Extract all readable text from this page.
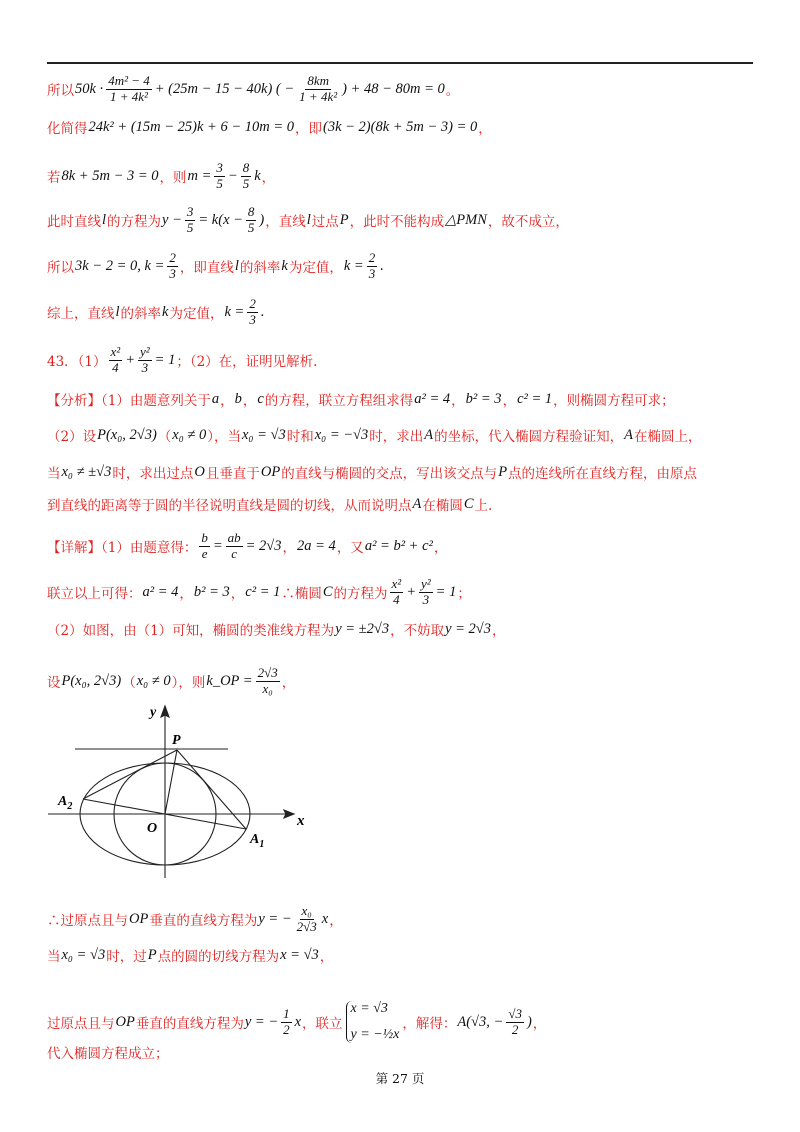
所以 $50k \cdot \frac{\text{4m² − 4}}{\text{1 + 4k²}} + (25m - 15 - 40k)$ ( − $\frac{8km}{\text{1 + 4k²}}$ ) + 48 − 80m = 0 。
化简得 24k² + (15m − 25)k + 6 − 10m = 0 ，即 (3k − 2)(8k + 5m − 3) = 0 ，
若 8k + 5m − 3 = 0 ，则 $m = \frac{3}{5} - \frac{8}{5}$ k ，
此时直线 l 的方程为 $y - \frac{3}{5} = k(x - \frac{8}{5}$ ) ，直线 l 过点 P ，此时不能构成 △PMN ，故不成立，
所以 3k − 2 = 0, $k = \frac{2}{3}$ ，即直线 l 的斜率 k 为定值， $k = \frac{2}{3}$ .
综上，直线 l 的斜率 k 为定值， $k = \frac{2}{3}$ .
43．$(1) \frac{\text{x²}}{4} + \frac{\text{y²}}{3} = 1$ ；（2）在，证明见解析.
【分析】（1）由题意列关于 a ， b ， c 的方程，联立方程组求得 a² = 4 ， b² = 3 ， c² = 1 ，则椭圆方程可求；
（2）设 P(x₀, 2√3) （ x₀ ≠ 0 ），当 x₀ = √3 时和 x₀ = −√3 时，求出 A 的坐标，代入椭圆方程验证知， A 在椭圆上，
当 x₀ ≠ ±√3 时，求出过点 O 且垂直于 OP 的直线与椭圆的交点，写出该交点与 P 点的连线所在直线方程，由原点
到直线的距离等于圆的半径说明直线是圆的切线，从而说明点 A 在椭圆 C 上.
【详解】（1）由题意得： $\frac{b}{e} = \frac{ab}{c} = 2√3$ ， 2a = 4 ，又 a² = b² + c² ，
联立以上可得： a² = 4 ， b² = 3 ， c² = 1 ∴椭圆 C 的方程为 $\frac{\text{x²}}{4} + \frac{\text{y²}}{3} = 1$ ；
（2）如图，由（1）可知，椭圆的类准线方程为 y = ±2√3 ，不妨取 y = 2√3 ，
设 P(x₀, 2√3) （ x₀ ≠ 0 ），则 k_OP = $\frac{2√3}{\text{x₀}}$ ，
∴过原点且与 OP 垂直的直线方程为 y = − $\frac{\text{x₀}}{2√3}$ x ，
当 x₀ = √3 时，过 P 点的圆的切线方程为 x = √3 ，
过原点且与 OP 垂直的直线方程为 y = − $\frac{1}{2}$ x ，联立
x = √3
y = −½x
，解得： A(√3, − $\frac{√3}{2}$ ) ，
代入椭圆方程成立；
y
x
P
O
$A_2$
$A_1$
第 27 页
